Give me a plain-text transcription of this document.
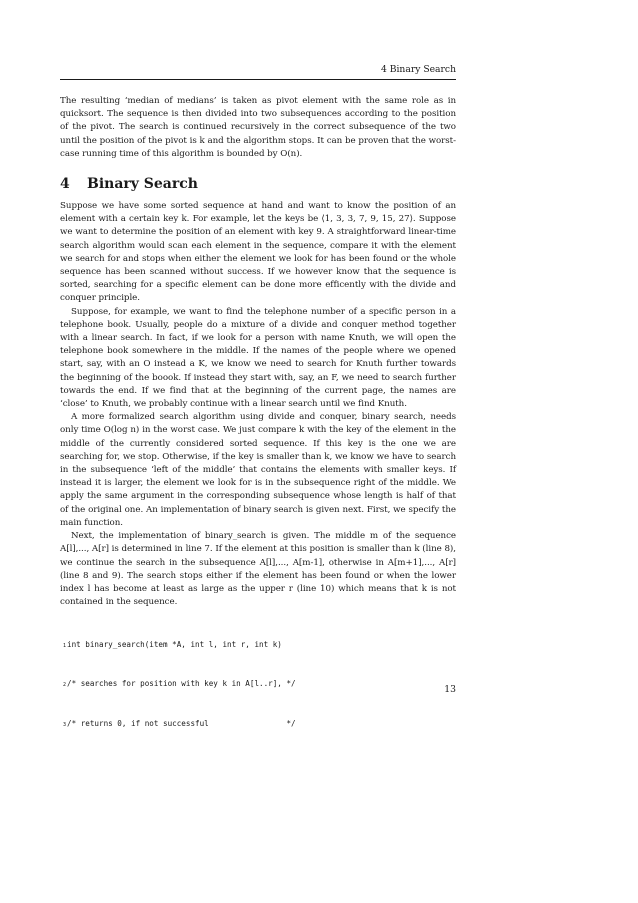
4 Binary Search

The resulting ‘median of medians’ is taken as pivot element with the same role as in quicksort. The sequence is then divided into two subsequences according to the position of the pivot. The search is continued recursively in the correct subsequence of the two until the position of the pivot is k and the algorithm stops. It can be proven that the worst-case running time of this algorithm is bounded by O(n).

4 Binary Search

Suppose we have some sorted sequence at hand and want to know the position of an element with a certain key k. For example, let the keys be ⟨1, 3, 3, 7, 9, 15, 27⟩. Suppose we want to determine the position of an element with key 9. A straightforward linear-time search algorithm would scan each element in the sequence, compare it with the element we search for and stops when either the element we look for has been found or the whole sequence has been scanned without success. If we however know that the sequence is sorted, searching for a specific element can be done more efficently with the divide and conquer principle.

Suppose, for example, we want to find the telephone number of a specific person in a telephone book. Usually, people do a mixture of a divide and conquer method together with a linear search. In fact, if we look for a person with name Knuth, we will open the telephone book somewhere in the middle. If the names of the people where we opened start, say, with an O instead a K, we know we need to search for Knuth further towards the beginning of the boook. If instead they start with, say, an F, we need to search further towards the end. If we find that at the beginning of the current page, the names are ‘close’ to Knuth, we probably continue with a linear search until we find Knuth.

A more formalized search algorithm using divide and conquer, binary search, needs only time O(log n) in the worst case. We just compare k with the key of the element in the middle of the currently considered sorted sequence. If this key is the one we are searching for, we stop. Otherwise, if the key is smaller than k, we know we have to search in the subsequence ‘left of the middle’ that contains the elements with smaller keys. If instead it is larger, the element we look for is in the subsequence right of the middle. We apply the same argument in the corresponding subsequence whose length is half of that of the original one. An implementation of binary search is given next. First, we specify the main function.

Next, the implementation of binary_search is given. The middle m of the sequence A[l],..., A[r] is determined in line 7. If the element at this position is smaller than k (line 8), we continue the search in the subsequence A[l],..., A[m-1], otherwise in A[m+1],..., A[r] (line 8 and 9). The search stops either if the element has been found or when the lower index l has become at least as large as the upper r (line 10) which means that k is not contained in the sequence.

1int binary_search(item *A, int l, int r, int k)

2/* searches for position with key k in A[l..r], */

3/* returns 0, if not successful                 */

13
